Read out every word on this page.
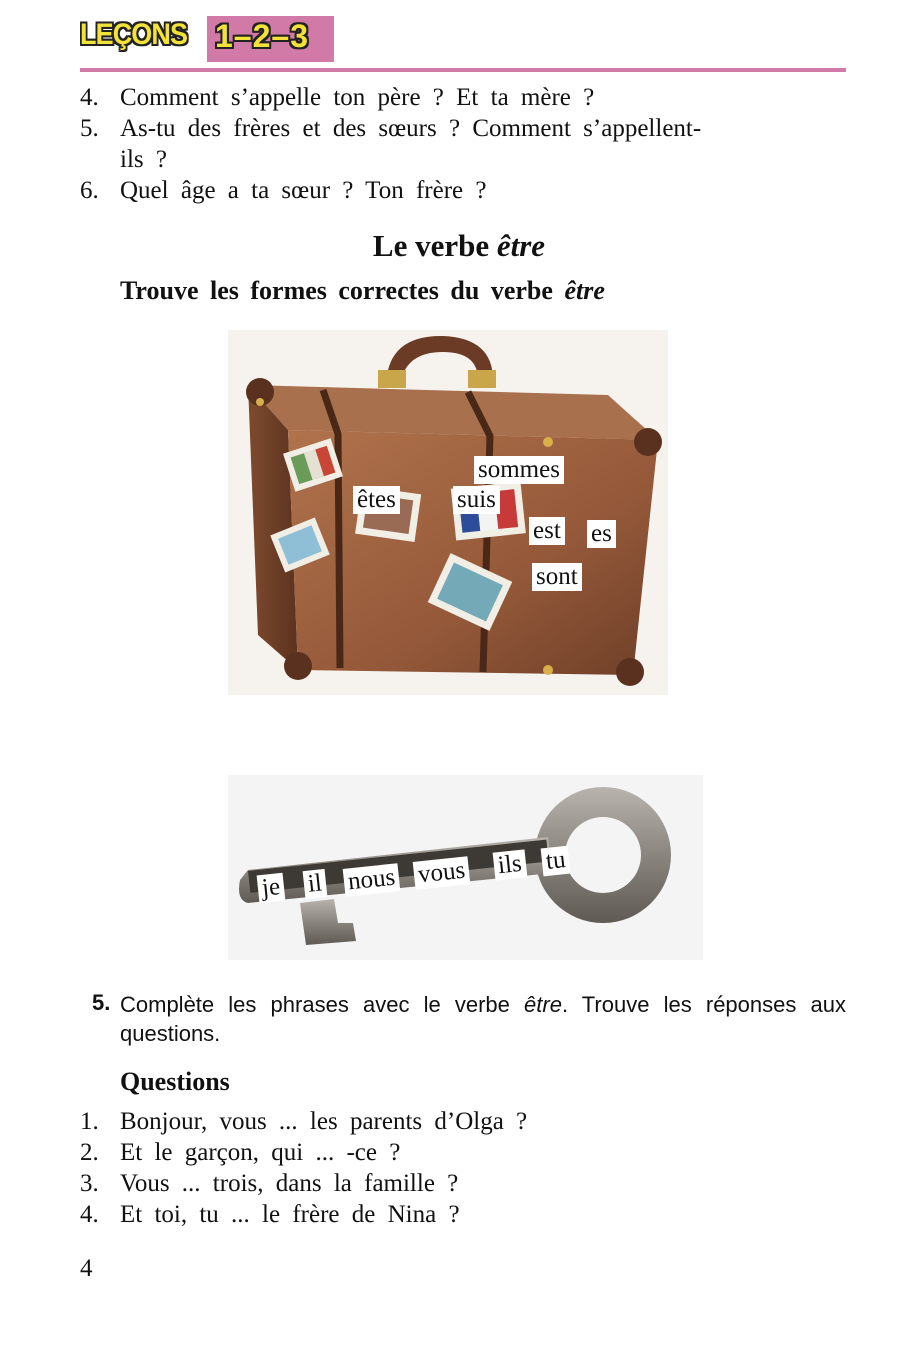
LEÇONS 1–2–3
4. Comment s’appelle ton père ? Et ta mère ?
5. As-tu des frères et des sœurs ? Comment s’appellent-
ils ?
6. Quel âge a ta sœur ? Ton frère ?
Le verbe être
Trouve les formes correctes du verbe être
sommes
êtes suis
est es
sont
je il nous vous ils tu
5. Complète les phrases avec le verbe être. Trouve les réponses aux questions.
Questions
1. Bonjour, vous ... les parents d’Olga ?
2. Et le garçon, qui ... -ce ?
3. Vous ... trois, dans la famille ?
4. Et toi, tu ... le frère de Nina ?
4
